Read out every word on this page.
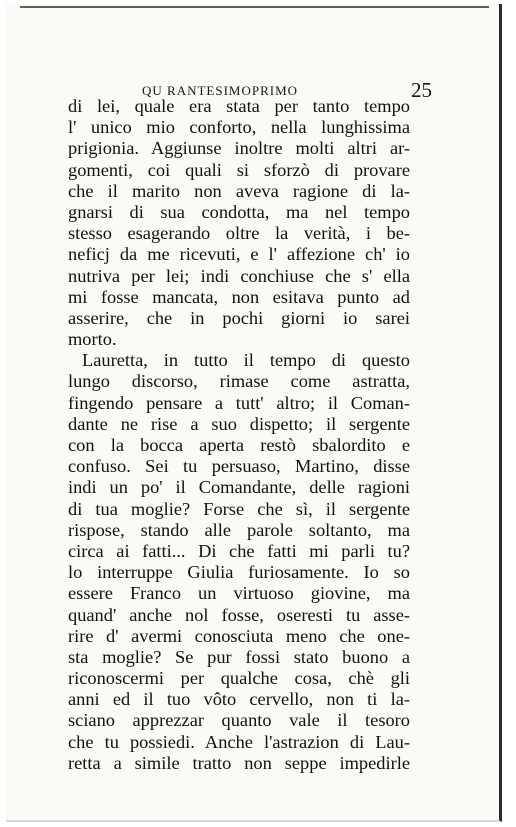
QU RANTESIMOPRIMO	25
di lei, quale era stata per tanto tempo
l' unico mio conforto, nella lunghissima
prigionia. Aggiunse inoltre molti altri ar-
gomenti, coi quali si sforzò di provare
che il marito non aveva ragione di la-
gnarsi di sua condotta, ma nel tempo
stesso esagerando oltre la verità, i be-
neficj da me ricevuti, e l' affezione ch' io
nutriva per lei; indi conchiuse che s' ella
mi fosse mancata, non esitava punto ad
asserire, che in pochi giorni io sarei
morto.
Lauretta, in tutto il tempo di questo
lungo discorso, rimase come astratta,
fingendo pensare a tutt' altro; il Coman-
dante ne rise a suo dispetto; il sergente
con la bocca aperta restò sbalordito e
confuso. Sei tu persuaso, Martino, disse
indi un po' il Comandante, delle ragioni
di tua moglie? Forse che sì, il sergente
rispose, stando alle parole soltanto, ma
circa ai fatti... Di che fatti mi parli tu?
lo interruppe Giulia furiosamente. Io so
essere Franco un virtuoso giovine, ma
quand' anche nol fosse, oseresti tu asse-
rire d' avermi conosciuta meno che one-
sta moglie? Se pur fossi stato buono a
riconoscermi per qualche cosa, chè gli
anni ed il tuo vôto cervello, non ti la-
sciano apprezzar quanto vale il tesoro
che tu possiedi. Anche l'astrazion di Lau-
retta a simile tratto non seppe impedirle
